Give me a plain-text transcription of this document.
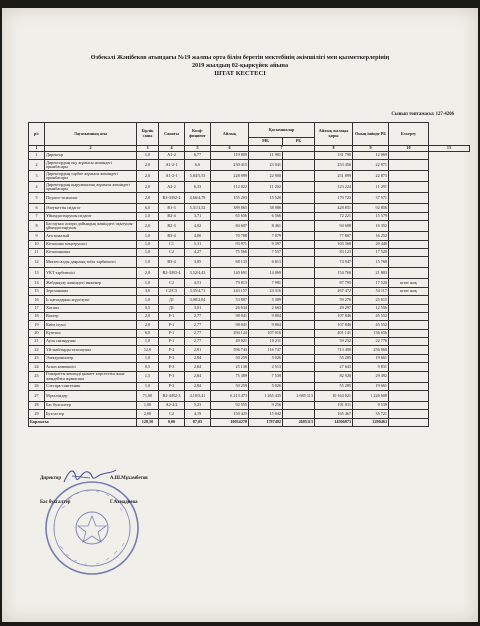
Өзбекәлі Жәнібеков атындағы №19 жалпы орта білім беретін мектебінің әкімшілігі мен қызметкерлерінің
2019 жылдың 02-қыркүйек айына
ШТАТ КЕСТЕСІ
Сынып топтамасы: 127-4206
р/с	Лауазымның аты	Бірлік саны	Санаты	Коэф-фициент	Айлық	Қосымшалар		Айлық жалақы қоры	Оның ішінде РБ	Ескерту	
						МБ	РБ				
1	2	3	4	5	6	7		8	9	10	13
1	Директор	1,0	А1-2	6,77	119 809	11 981		131 790	12 069		
2	Директордың оқу жұмысы жөніндегі орынбасары	2,0	А1-2-1	6,6	230 415	23 041		253 456	22 971		
3	Директордың тәрбие жұмысы жөніндегі орынбасары	2,0	А1-2-1	5,84/5,53	228 999	22 900		251 899	22 873		
4	Директордың шаруашылық жұмысы жөніндегі орынбасары	2,0	А2-2	6,33	112 022	11 202		123 224	11 291		
5	Педагог-психолог	2,0	В2-3/В2-2	4,66/4,79	155 203	15 520		170 723	37 571		
6	Әлеуметтік педагог	6,0	В1-3	5,31/3,52	389 865	38 986		428 851	92 856		
7	Ұйымдастырушы педагог	1,0	В2-4	3,71	65 656	6 566		72 221	15 579		
8	Бастауыш әскери дайындық жөніндегі оқытушы-ұйымдастырушы	2,0	В2-3	4,02	84 607	8 461		94 608	16 352		
9	Аға вожатый	1,0	В3-4	4,00	70 788	7 079		77 867	16 252		
10	Кітапхана меңгерушісі	1,0	С1	5,31	93 971	9 397		103 368	20 440		
11	Кітапханашы	1,0	С2	4,27	75 566	7 557		83 123	17 520		
12	Мектеп алды даярлық тобы тәрбиешісі	1,0	В3-4	3,85	68 133	6 813		74 947	15 768		
13	ҮКТ тәрбиешісі	2,0	В2-3/В3-4	3,52/4,43	140 691	14 069		154 760	21 803		
14	Жабдықтау жөніндегі инженер	1,0	С2	4,51	79 813	7 981		87 795	17 520	штат жоқ	
15	Зертханашы	3,0	С2/С3	3,35/4,71	243 157	24 316		267 472	54 117	штат жоқ	
16	Іс қағаздарын жүргізуші	1,0	Д1	3,08/2,84	53 887	5 389		59 276	25 015		
17	Хатшы	0,5	Д1	3,01	26 634	2 663		29 297	12 556		
18	Вахтер	2,0	Р-1	2,77	98 041	9 804		107 846	45 552		
19	Киім ілуші	2,0	Р-1	2,77	98 041	9 804		107 846	45 552		
20	Күзетші	6,0	Р-1	2,77	294 124	107 016		401 141	136 656		
21	Аула сыпырушы	1,0	Р-1	2,77	49 021	10 211		59 232	22 776		
22	Үй-жайларды тазалаушы	12,0	Р-2	2,81	596 743	116 747		713 490	256 960		
23	Электромонтер	1,0	Р-3	2,84	50 259	5 026		55 285	19 661		
24	Аспаз көмекшісі	0,5	Р-3	2,84	25 130	2 513		27 643	9 831		
25	Ғимаратты кешенді қызмет көрсететін және жөндейтін жұмысшы	1,5	Р-3	2,84	75 389	7 539		82 928	29 492		
26	Слесарь-сантехник	1,0	Р-3	2,84	50 259	5 026		55 285	19 661		
27	Мұғалімдер	71,00	В2-4/В2-3	4,10/5,41	6 213 473	1 265 435	2 685 113	10 164 021	1 226 608		
28	Бас бухгалтер	1,00	А2-2/2	5,23	92 555	9 256		101 811	9 539		
29	Бухгалтер	2,00	С2	4,19	150 425	15 042		165 467	35 721		
Барлығы:		128,50	0,00	87,05	10034278	1787482	2685113	14506873	2290463		
Директор	А.Ш.Мұхамбетов
Бас бухгалтер	Г.Ахмадиева
